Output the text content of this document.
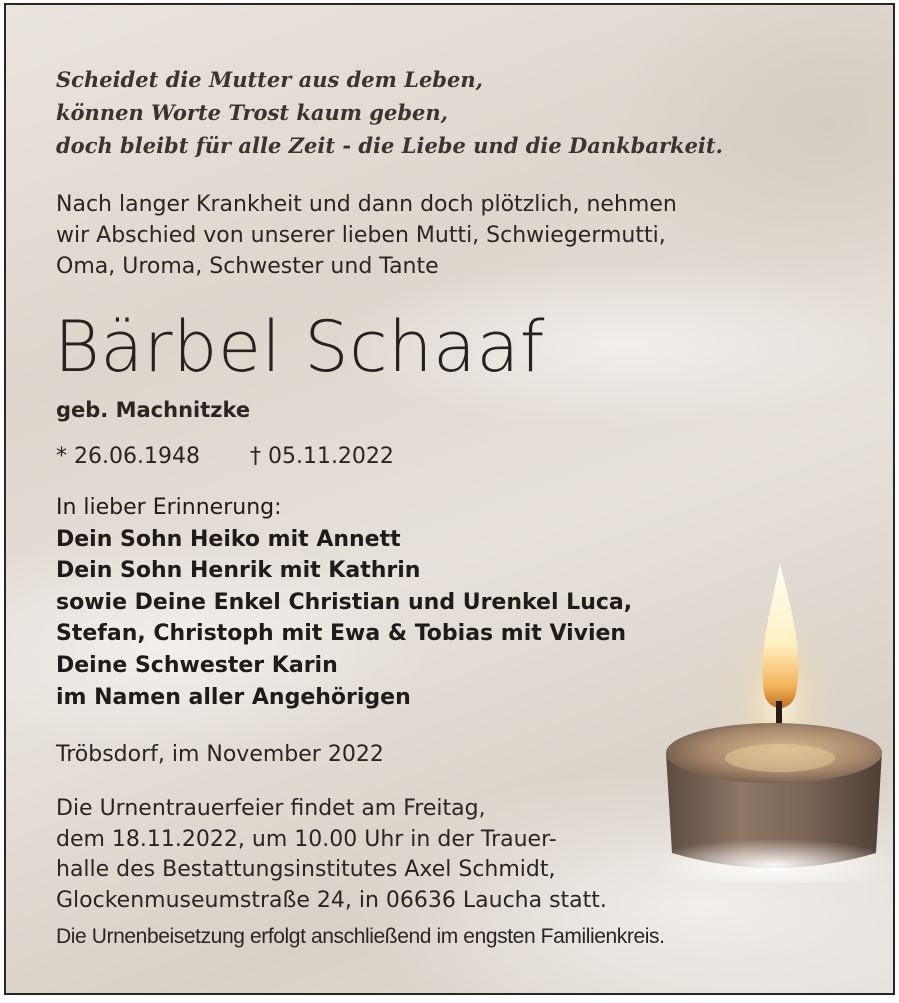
Scheidet die Mutter aus dem Leben,
können Worte Trost kaum geben,
doch bleibt für alle Zeit - die Liebe und die Dankbarkeit.
Nach langer Krankheit und dann doch plötzlich, nehmen
wir Abschied von unserer lieben Mutti, Schwiegermutti,
Oma, Uroma, Schwester und Tante
Bärbel Schaaf
geb. Machnitzke
* 26.06.1948 † 05.11.2022
In lieber Erinnerung:
Dein Sohn Heiko mit Annett
Dein Sohn Henrik mit Kathrin
sowie Deine Enkel Christian und Urenkel Luca,
Stefan, Christoph mit Ewa & Tobias mit Vivien
Deine Schwester Karin
im Namen aller Angehörigen
Tröbsdorf, im November 2022
Die Urnentrauerfeier findet am Freitag,
dem 18.11.2022, um 10.00 Uhr in der Trauer-
halle des Bestattungsinstitutes Axel Schmidt,
Glockenmuseumstraße 24, in 06636 Laucha statt.
Die Urnenbeisetzung erfolgt anschließend im engsten Familienkreis.
